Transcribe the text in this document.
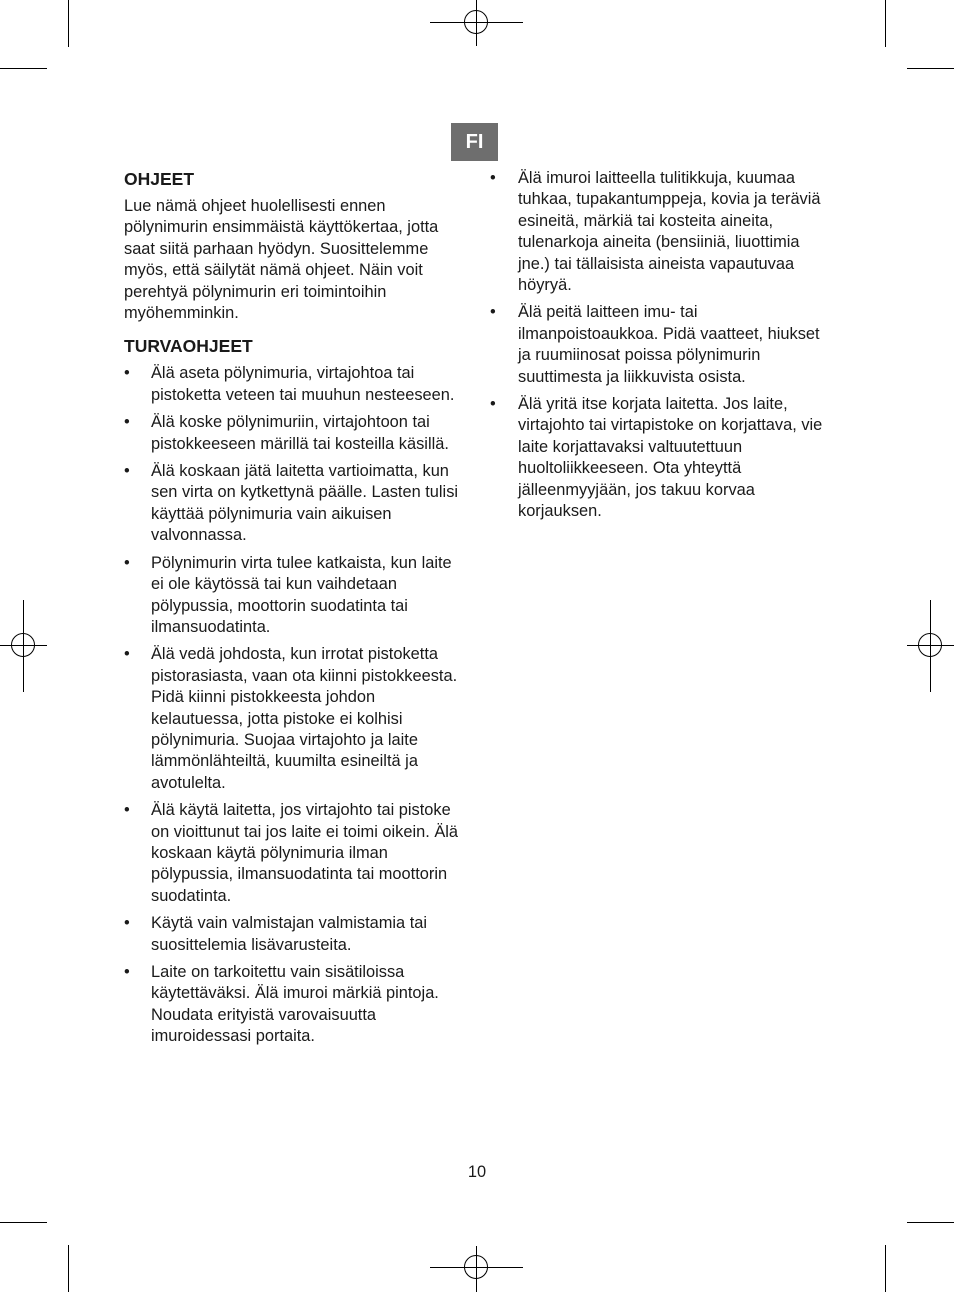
FI
OHJEET

Lue nämä ohjeet huolellisesti ennen pölynimurin ensimmäistä käyttökertaa, jotta saat siitä parhaan hyödyn. Suosittelemme myös, että säilytät nämä ohjeet. Näin voit perehtyä pölynimurin eri toimintoihin myöhemminkin.

TURVAOHJEET
• Älä aseta pölynimuria, virtajohtoa tai pistoketta veteen tai muuhun nesteeseen.
• Älä koske pölynimuriin, virtajohtoon tai pistokkeeseen märillä tai kosteilla käsillä.
• Älä koskaan jätä laitetta vartioimatta, kun sen virta on kytkettynä päälle. Lasten tulisi käyttää pölynimuria vain aikuisen valvonnassa.
• Pölynimurin virta tulee katkaista, kun laite ei ole käytössä tai kun vaihdetaan pölypussia, moottorin suodatinta tai ilmansuodatinta.
• Älä vedä johdosta, kun irrotat pistoketta pistorasiasta, vaan ota kiinni pistokkeesta. Pidä kiinni pistokkeesta johdon kelautuessa, jotta pistoke ei kolhisi pölynimuria. Suojaa virtajohto ja laite lämmönlähteiltä, kuumilta esineiltä ja avotulelta.
• Älä käytä laitetta, jos virtajohto tai pistoke on vioittunut tai jos laite ei toimi oikein. Älä koskaan käytä pölynimuria ilman pölypussia, ilmansuodatinta tai moottorin suodatinta.
• Käytä vain valmistajan valmistamia tai suosittelemia lisävarusteita.
• Laite on tarkoitettu vain sisätiloissa käytettäväksi. Älä imuroi märkiä pintoja. Noudata erityistä varovaisuutta imuroidessasi portaita.
• Älä imuroi laitteella tulitikkuja, kuumaa tuhkaa, tupakantumppeja, kovia ja teräviä esineitä, märkiä tai kosteita aineita, tulenarkoja aineita (bensiiniä, liuottimia jne.) tai tällaisista aineista vapautuvaa höyryä.
• Älä peitä laitteen imu- tai ilmanpoistoaukkoa. Pidä vaatteet, hiukset ja ruumiinosat poissa pölynimurin suuttimesta ja liikkuvista osista.
• Älä yritä itse korjata laitetta. Jos laite, virtajohto tai virtapistoke on korjattava, vie laite korjattavaksi valtuutettuun huoltoliikkeeseen. Ota yhteyttä jälleenmyyjään, jos takuu korvaa korjauksen.
10
